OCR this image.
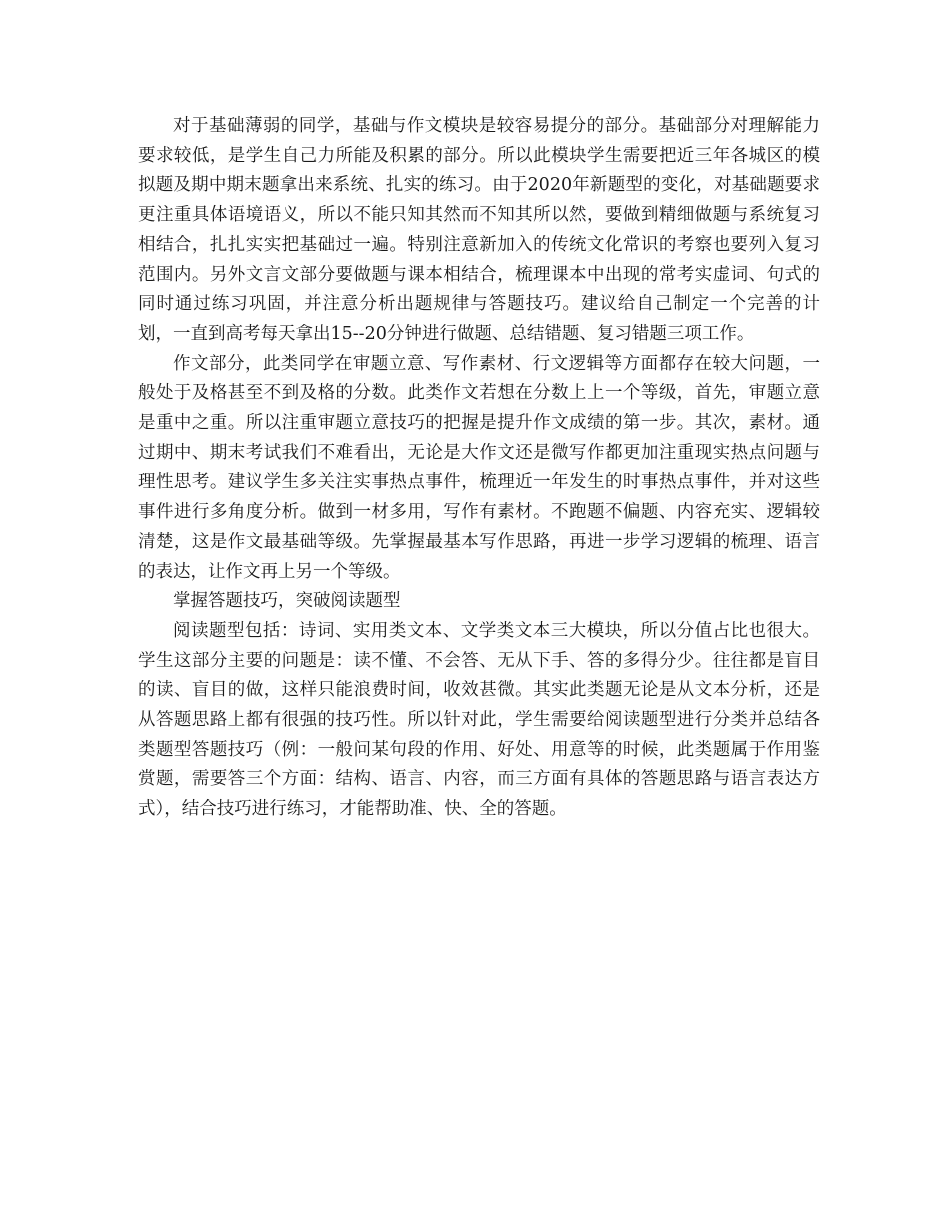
对于基础薄弱的同学，基础与作文模块是较容易提分的部分。基础部分对理解能力要求较低，是学生自己力所能及积累的部分。所以此模块学生需要把近三年各城区的模拟题及期中期末题拿出来系统、扎实的练习。由于2020年新题型的变化，对基础题要求更注重具体语境语义，所以不能只知其然而不知其所以然，要做到精细做题与系统复习相结合，扎扎实实把基础过一遍。特别注意新加入的传统文化常识的考察也要列入复习范围内。另外文言文部分要做题与课本相结合，梳理课本中出现的常考实虚词、句式的同时通过练习巩固，并注意分析出题规律与答题技巧。建议给自己制定一个完善的计划，一直到高考每天拿出15--20分钟进行做题、总结错题、复习错题三项工作。

作文部分，此类同学在审题立意、写作素材、行文逻辑等方面都存在较大问题，一般处于及格甚至不到及格的分数。此类作文若想在分数上上一个等级，首先，审题立意是重中之重。所以注重审题立意技巧的把握是提升作文成绩的第一步。其次，素材。通过期中、期末考试我们不难看出，无论是大作文还是微写作都更加注重现实热点问题与理性思考。建议学生多关注实事热点事件，梳理近一年发生的时事热点事件，并对这些事件进行多角度分析。做到一材多用，写作有素材。不跑题不偏题、内容充实、逻辑较清楚，这是作文最基础等级。先掌握最基本写作思路，再进一步学习逻辑的梳理、语言的表达，让作文再上另一个等级。

掌握答题技巧，突破阅读题型

阅读题型包括：诗词、实用类文本、文学类文本三大模块，所以分值占比也很大。学生这部分主要的问题是：读不懂、不会答、无从下手、答的多得分少。往往都是盲目的读、盲目的做，这样只能浪费时间，收效甚微。其实此类题无论是从文本分析，还是从答题思路上都有很强的技巧性。所以针对此，学生需要给阅读题型进行分类并总结各类题型答题技巧（例：一般问某句段的作用、好处、用意等的时候，此类题属于作用鉴赏题，需要答三个方面：结构、语言、内容，而三方面有具体的答题思路与语言表达方式），结合技巧进行练习，才能帮助准、快、全的答题。
